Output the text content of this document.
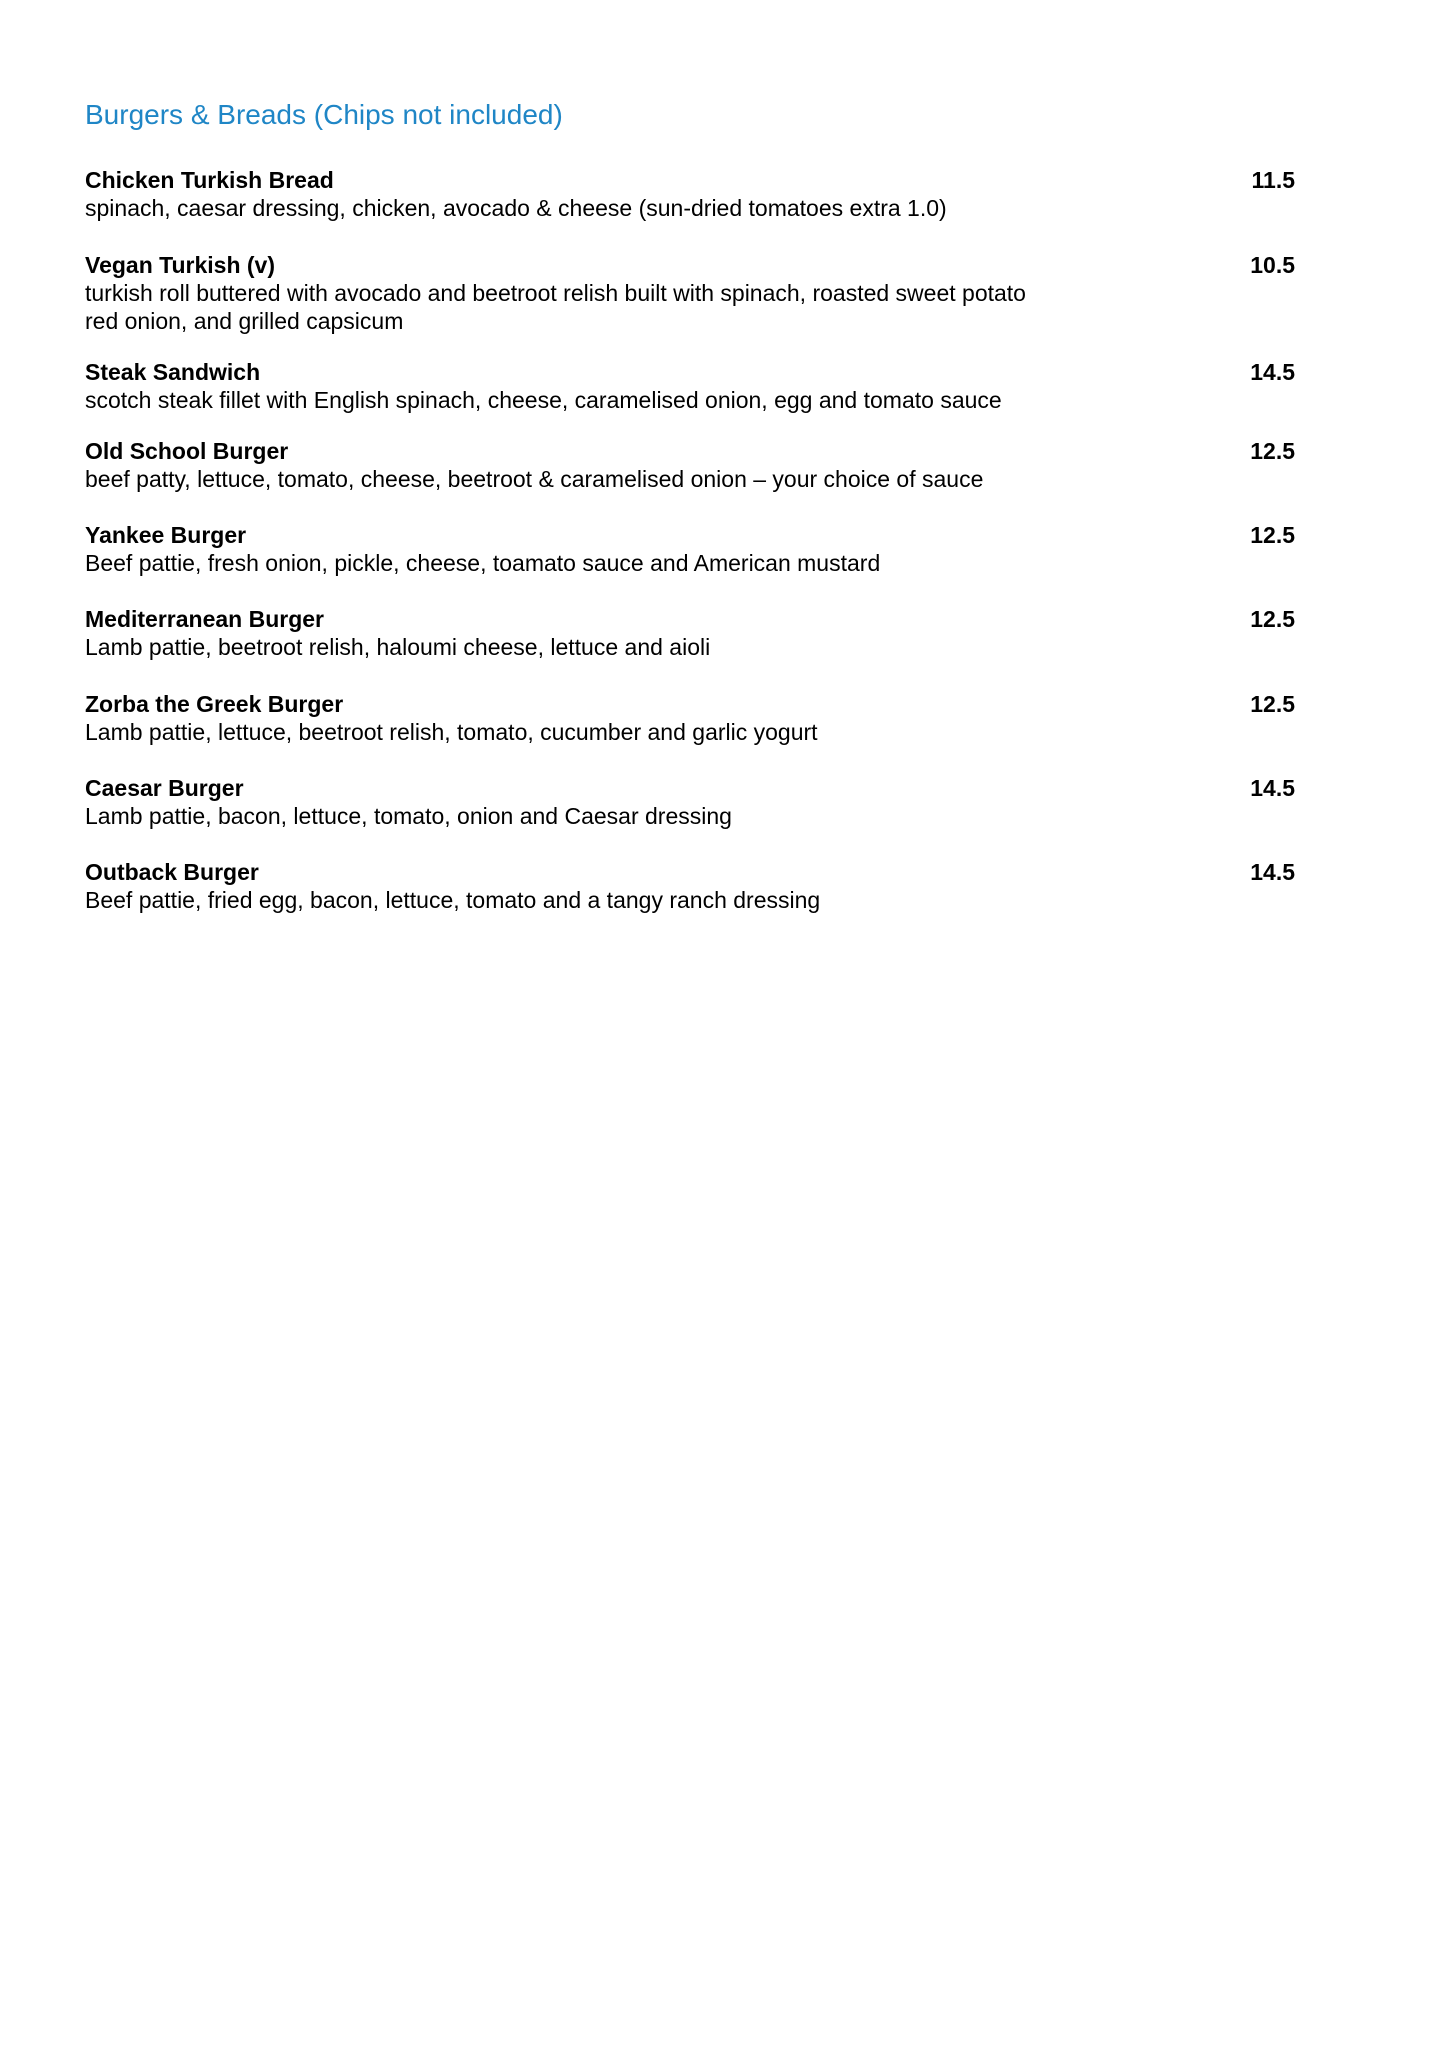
Burgers & Breads (Chips not included)
Chicken Turkish Bread	11.5
spinach, caesar dressing, chicken, avocado & cheese (sun-dried tomatoes extra 1.0)
Vegan Turkish (v)	10.5
turkish roll buttered with avocado and beetroot relish built with spinach, roasted sweet potato
red onion, and grilled capsicum
Steak Sandwich	14.5
scotch steak fillet with English spinach, cheese, caramelised onion, egg and tomato sauce
Old School Burger	12.5
beef patty, lettuce, tomato, cheese, beetroot & caramelised onion – your choice of sauce
Yankee Burger	12.5
Beef pattie, fresh onion, pickle, cheese, toamato sauce and American mustard
Mediterranean Burger	12.5
Lamb pattie, beetroot relish, haloumi cheese, lettuce and aioli
Zorba the Greek Burger	12.5
Lamb pattie, lettuce, beetroot relish, tomato, cucumber and garlic yogurt
Caesar Burger	14.5
Lamb pattie, bacon, lettuce, tomato, onion and Caesar dressing
Outback Burger	14.5
Beef pattie, fried egg, bacon, lettuce, tomato and a tangy ranch dressing
